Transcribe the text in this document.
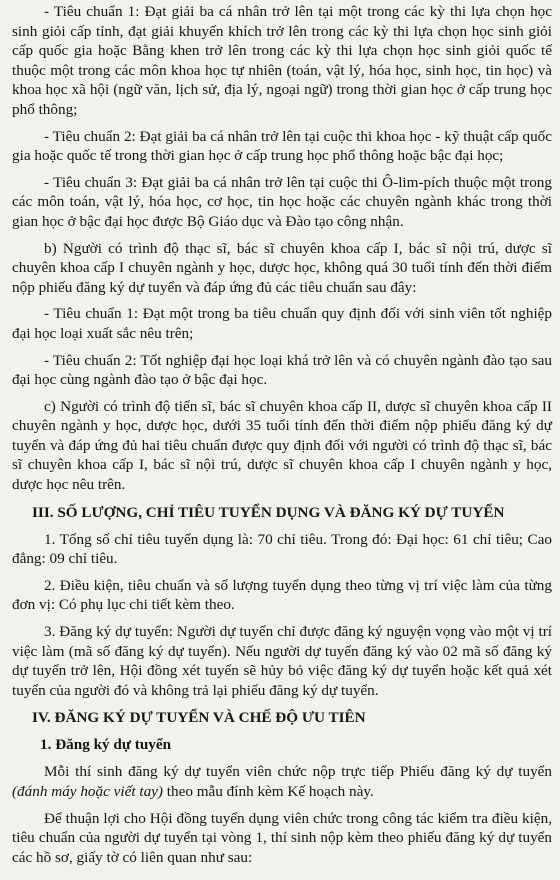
- Tiêu chuẩn 1: Đạt giải ba cá nhân trở lên tại một trong các kỳ thi lựa chọn học sinh giỏi cấp tỉnh, đạt giải khuyến khích trở lên trong các kỳ thi lựa chọn học sinh giỏi cấp quốc gia hoặc Bằng khen trở lên trong các kỳ thi lựa chọn học sinh giỏi quốc tế thuộc một trong các môn khoa học tự nhiên (toán, vật lý, hóa học, sinh học, tin học) và khoa học xã hội (ngữ văn, lịch sử, địa lý, ngoại ngữ) trong thời gian học ở cấp trung học phổ thông;

- Tiêu chuẩn 2: Đạt giải ba cá nhân trở lên tại cuộc thi khoa học - kỹ thuật cấp quốc gia hoặc quốc tế trong thời gian học ở cấp trung học phổ thông hoặc bậc đại học;

- Tiêu chuẩn 3: Đạt giải ba cá nhân trở lên tại cuộc thi Ô-lim-pích thuộc một trong các môn toán, vật lý, hóa học, cơ học, tin học hoặc các chuyên ngành khác trong thời gian học ở bậc đại học được Bộ Giáo dục và Đào tạo công nhận.

b) Người có trình độ thạc sĩ, bác sĩ chuyên khoa cấp I, bác sĩ nội trú, dược sĩ chuyên khoa cấp I chuyên ngành y học, dược học, không quá 30 tuổi tính đến thời điểm nộp phiếu đăng ký dự tuyển và đáp ứng đủ các tiêu chuẩn sau đây:

- Tiêu chuẩn 1: Đạt một trong ba tiêu chuẩn quy định đối với sinh viên tốt nghiệp đại học loại xuất sắc nêu trên;

- Tiêu chuẩn 2: Tốt nghiệp đại học loại khá trở lên và có chuyên ngành đào tạo sau đại học cùng ngành đào tạo ở bậc đại học.

c) Người có trình độ tiến sĩ, bác sĩ chuyên khoa cấp II, dược sĩ chuyên khoa cấp II chuyên ngành y học, dược học, dưới 35 tuổi tính đến thời điểm nộp phiếu đăng ký dự tuyển và đáp ứng đủ hai tiêu chuẩn được quy định đối với người có trình độ thạc sĩ, bác sĩ chuyên khoa cấp I, bác sĩ nội trú, dược sĩ chuyên khoa cấp I chuyên ngành y học, dược học nêu trên.

III. SỐ LƯỢNG, CHỈ TIÊU TUYỂN DỤNG VÀ ĐĂNG KÝ DỰ TUYỂN

1. Tổng số chỉ tiêu tuyển dụng là: 70 chỉ tiêu. Trong đó: Đại học: 61 chỉ tiêu; Cao đẳng: 09 chỉ tiêu.

2. Điều kiện, tiêu chuẩn và số lượng tuyển dụng theo từng vị trí việc làm của từng đơn vị: Có phụ lục chi tiết kèm theo.

3. Đăng ký dự tuyển: Người dự tuyển chỉ được đăng ký nguyện vọng vào một vị trí việc làm (mã số đăng ký dự tuyển). Nếu người dự tuyển đăng ký vào 02 mã số đăng ký dự tuyển trở lên, Hội đồng xét tuyển sẽ hủy bỏ việc đăng ký dự tuyển hoặc kết quả xét tuyển của người đó và không trả lại phiếu đăng ký dự tuyển.

IV. ĐĂNG KÝ DỰ TUYỂN VÀ CHẾ ĐỘ ƯU TIÊN
1. Đăng ký dự tuyển

Mỗi thí sinh đăng ký dự tuyển viên chức nộp trực tiếp Phiếu đăng ký dự tuyển (đánh máy hoặc viết tay) theo mẫu đính kèm Kế hoạch này.

Để thuận lợi cho Hội đồng tuyển dụng viên chức trong công tác kiểm tra điều kiện, tiêu chuẩn của người dự tuyển tại vòng 1, thí sinh nộp kèm theo phiếu đăng ký dự tuyển các hồ sơ, giấy tờ có liên quan như sau:
